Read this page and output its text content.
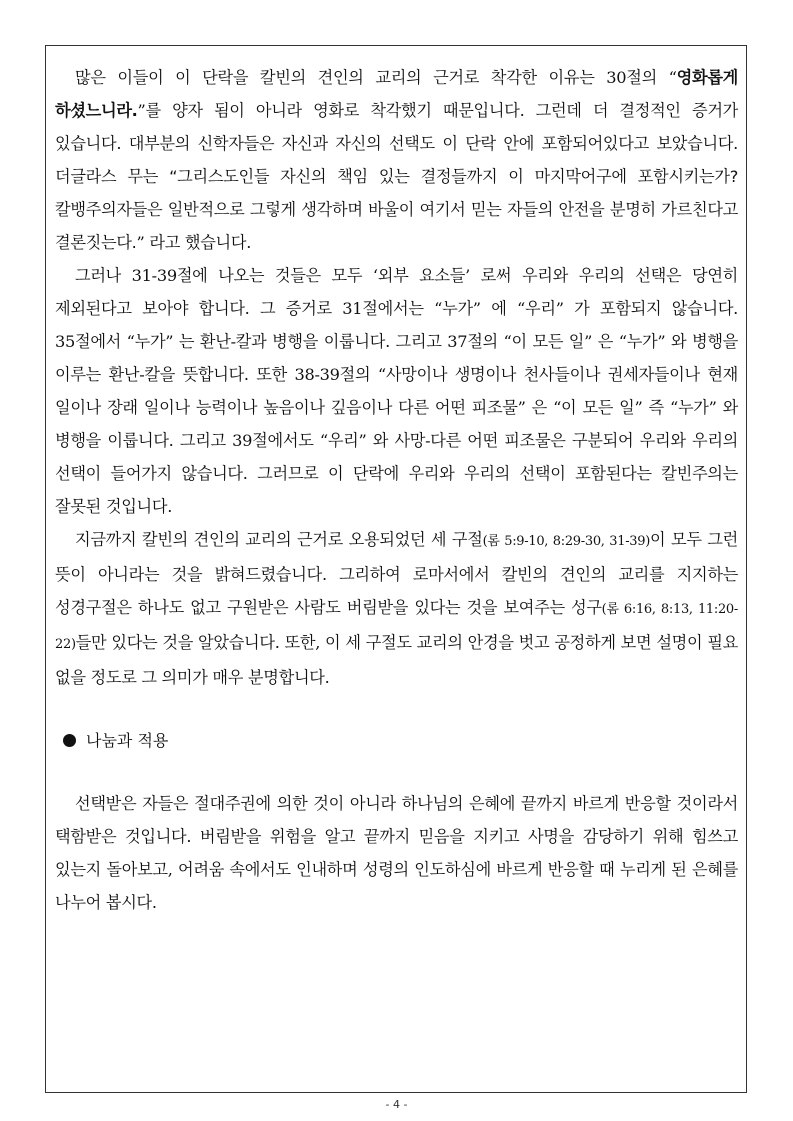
많은 이들이 이 단락을 칼빈의 견인의 교리의 근거로 착각한 이유는 30절의 “영화롭게 하셨느니라.”를 양자 됨이 아니라 영화로 착각했기 때문입니다. 그런데 더 결정적인 증거가 있습니다. 대부분의 신학자들은 자신과 자신의 선택도 이 단락 안에 포함되어있다고 보았습니다. 더글라스 무는 “그리스도인들 자신의 책임 있는 결정들까지 이 마지막어구에 포함시키는가? 칼뱅주의자들은 일반적으로 그렇게 생각하며 바울이 여기서 믿는 자들의 안전을 분명히 가르친다고 결론짓는다.” 라고 했습니다.

그러나 31-39절에 나오는 것들은 모두 ‘외부 요소들’ 로써 우리와 우리의 선택은 당연히 제외된다고 보아야 합니다. 그 증거로 31절에서는 “누가” 에 “우리” 가 포함되지 않습니다. 35절에서 “누가” 는 환난-칼과 병행을 이룹니다. 그리고 37절의 “이 모든 일” 은 “누가” 와 병행을 이루는 환난-칼을 뜻합니다. 또한 38-39절의 “사망이나 생명이나 천사들이나 권세자들이나 현재 일이나 장래 일이나 능력이나 높음이나 깊음이나 다른 어떤 피조물” 은 “이 모든 일” 즉 “누가” 와 병행을 이룹니다. 그리고 39절에서도 “우리” 와 사망-다른 어떤 피조물은 구분되어 우리와 우리의 선택이 들어가지 않습니다. 그러므로 이 단락에 우리와 우리의 선택이 포함된다는 칼빈주의는 잘못된 것입니다.

지금까지 칼빈의 견인의 교리의 근거로 오용되었던 세 구절(롬 5:9-10, 8:29-30, 31-39)이 모두 그런 뜻이 아니라는 것을 밝혀드렸습니다. 그리하여 로마서에서 칼빈의 견인의 교리를 지지하는 성경구절은 하나도 없고 구원받은 사람도 버림받을 있다는 것을 보여주는 성구(롬 6:16, 8:13, 11:20-22)들만 있다는 것을 알았습니다. 또한, 이 세 구절도 교리의 안경을 벗고 공정하게 보면 설명이 필요 없을 정도로 그 의미가 매우 분명합니다.

나눔과 적용

선택받은 자들은 절대주권에 의한 것이 아니라 하나님의 은혜에 끝까지 바르게 반응할 것이라서 택함받은 것입니다. 버림받을 위험을 알고 끝까지 믿음을 지키고 사명을 감당하기 위해 힘쓰고 있는지 돌아보고, 어려움 속에서도 인내하며 성령의 인도하심에 바르게 반응할 때 누리게 된 은혜를 나누어 봅시다.

- 4 -
